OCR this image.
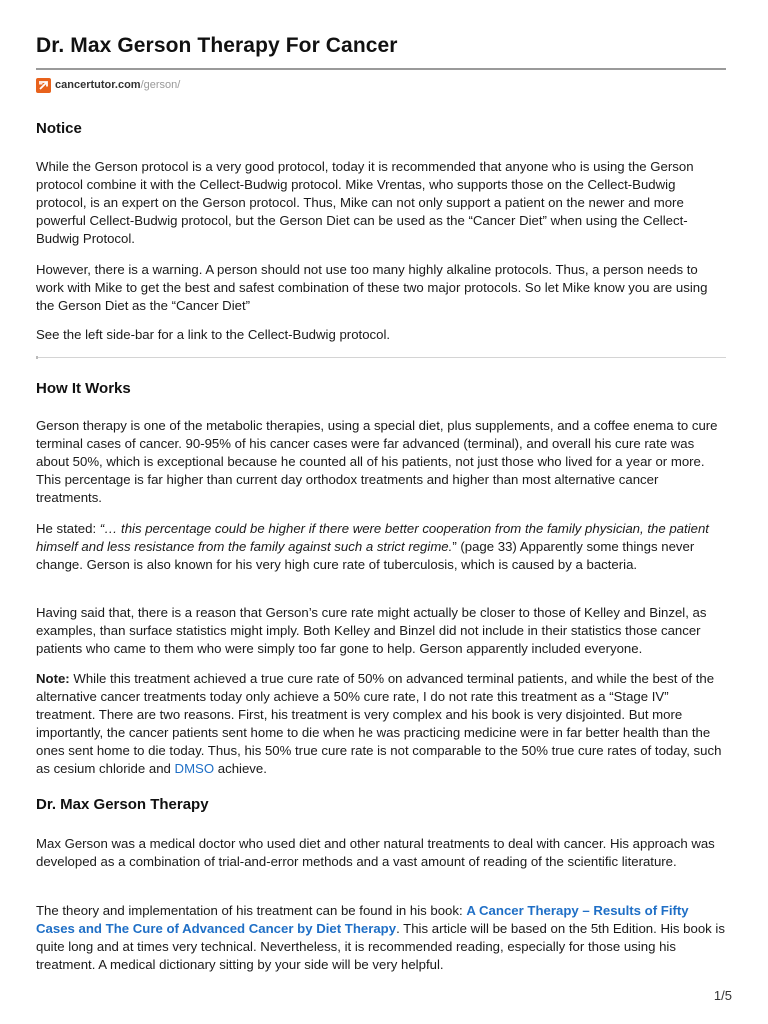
Dr. Max Gerson Therapy For Cancer
cancertutor.com /gerson/
Notice

While the Gerson protocol is a very good protocol, today it is recommended that anyone who is using the Gerson protocol combine it with the Cellect-Budwig protocol. Mike Vrentas, who supports those on the Cellect-Budwig protocol, is an expert on the Gerson protocol. Thus, Mike can not only support a patient on the newer and more powerful Cellect-Budwig protocol, but the Gerson Diet can be used as the “Cancer Diet” when using the Cellect-Budwig Protocol.

However, there is a warning. A person should not use too many highly alkaline protocols. Thus, a person needs to work with Mike to get the best and safest combination of these two major protocols. So let Mike know you are using the Gerson Diet as the “Cancer Diet”

See the left side-bar for a link to the Cellect-Budwig protocol.

How It Works

Gerson therapy is one of the metabolic therapies, using a special diet, plus supplements, and a coffee enema to cure terminal cases of cancer. 90-95% of his cancer cases were far advanced (terminal), and overall his cure rate was about 50%, which is exceptional because he counted all of his patients, not just those who lived for a year or more. This percentage is far higher than current day orthodox treatments and higher than most alternative cancer treatments.

He stated: “… this percentage could be higher if there were better cooperation from the family physician, the patient himself and less resistance from the family against such a strict regime.” (page 33) Apparently some things never change. Gerson is also known for his very high cure rate of tuberculosis, which is caused by a bacteria.

Having said that, there is a reason that Gerson’s cure rate might actually be closer to those of Kelley and Binzel, as examples, than surface statistics might imply. Both Kelley and Binzel did not include in their statistics those cancer patients who came to them who were simply too far gone to help. Gerson apparently included everyone.

Note: While this treatment achieved a true cure rate of 50% on advanced terminal patients, and while the best of the alternative cancer treatments today only achieve a 50% cure rate, I do not rate this treatment as a “Stage IV” treatment. There are two reasons. First, his treatment is very complex and his book is very disjointed. But more importantly, the cancer patients sent home to die when he was practicing medicine were in far better health than the ones sent home to die today. Thus, his 50% true cure rate is not comparable to the 50% true cure rates of today, such as cesium chloride and DMSO achieve.

Dr. Max Gerson Therapy

Max Gerson was a medical doctor who used diet and other natural treatments to deal with cancer. His approach was developed as a combination of trial-and-error methods and a vast amount of reading of the scientific literature.

The theory and implementation of his treatment can be found in his book: A Cancer Therapy – Results of Fifty Cases and The Cure of Advanced Cancer by Diet Therapy. This article will be based on the 5th Edition. His book is quite long and at times very technical. Nevertheless, it is recommended reading, especially for those using his treatment. A medical dictionary sitting by your side will be very helpful.

1/5
